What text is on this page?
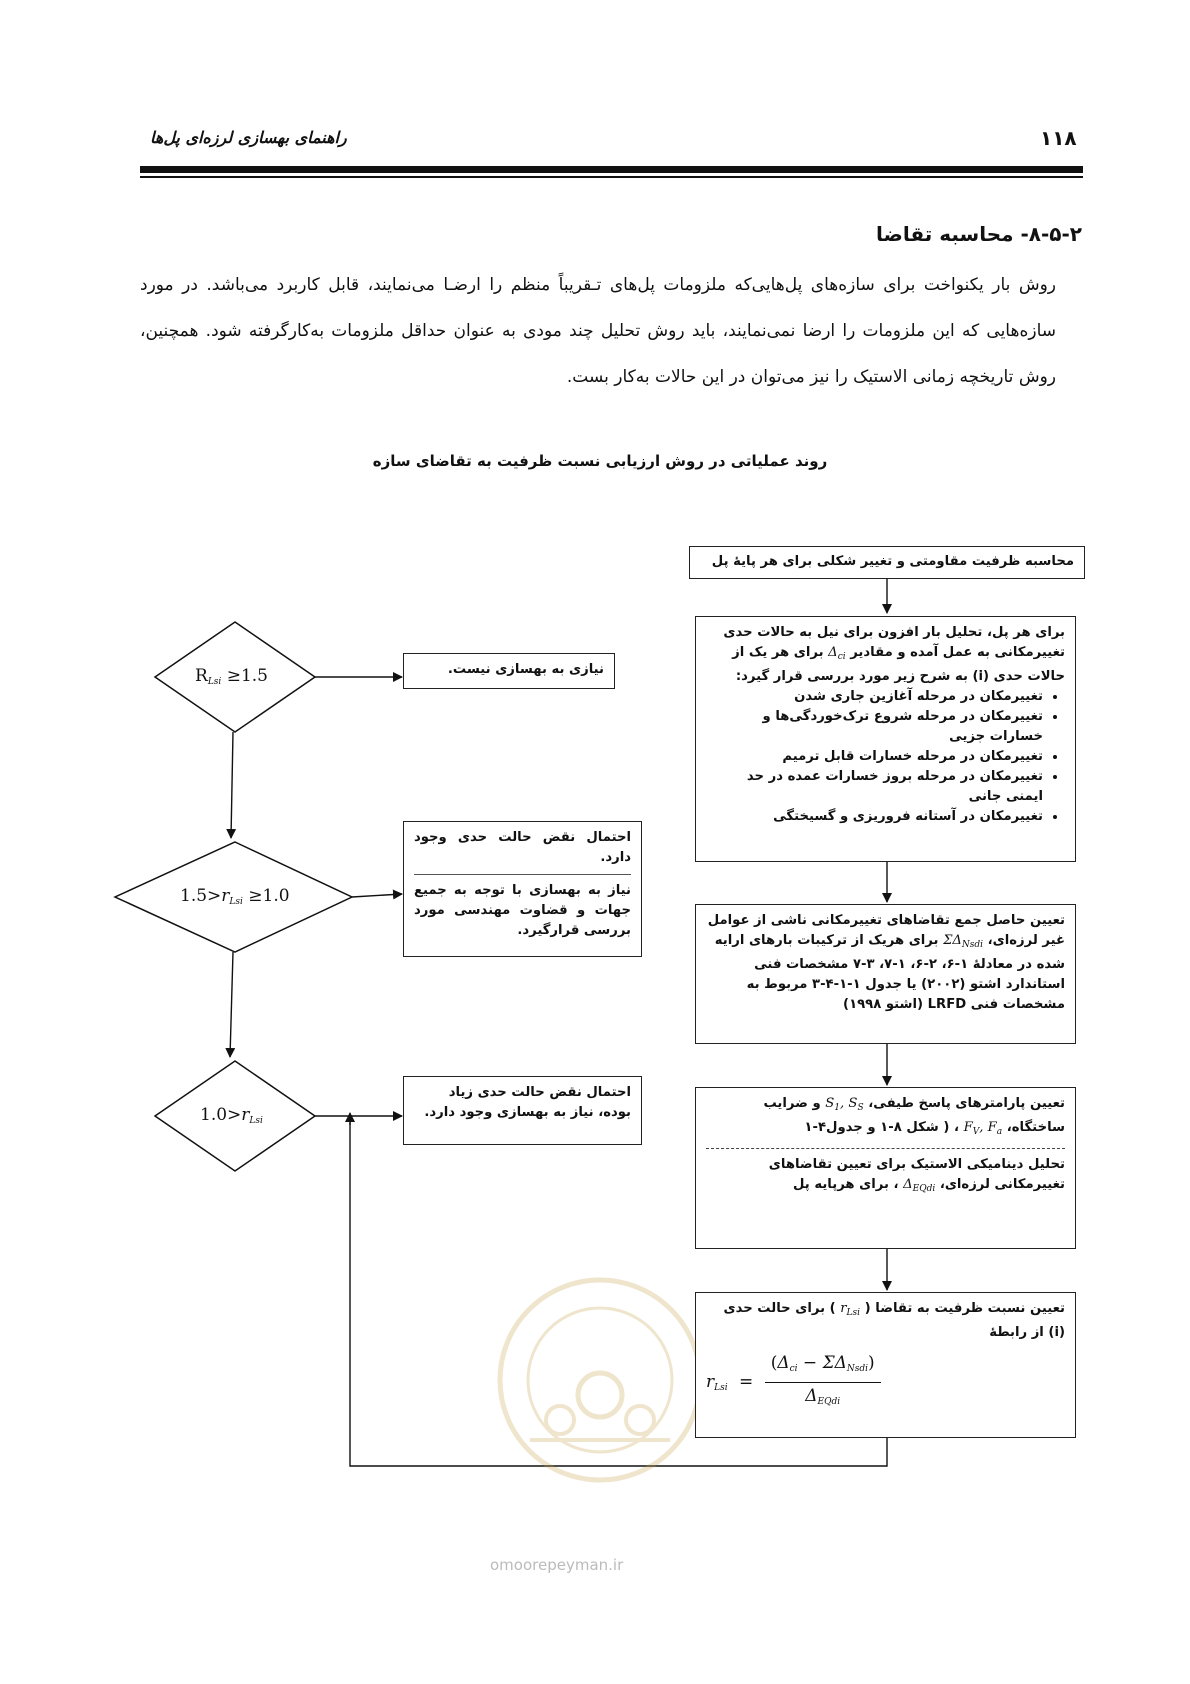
۱۱۸
راهنمای بهسازی لرزه‌ای پل‌ها
۸-۵-۲- محاسبه تقاضا

روش بار یکنواخت برای سازه‌های پل‌هایی‌که ملزومات پل‌های تـقریباً منظم را ارضـا می‌نمایند، قابل کاربرد می‌باشد. در مورد سازه‌هایی که این ملزومات را ارضا نمی‌نمایند، باید روش تحلیل چند مودی به عنوان حداقل ملزومات به‌کارگرفته شود. همچنین، روش تاریخچه زمانی الاستیک را نیز می‌توان در این حالات به‌کار بست.

روند عملیاتی در روش ارزیابی نسبت ظرفیت به تقاضای سازه
محاسبه ظرفیت مقاومتی و تغییر شکلی برای هر پایهٔ پل
برای هر پل، تحلیل بار افزون برای نیل به حالات حدی تغییرمکانی به عمل آمده و مقادیر $\Delta_{ci}$ برای هر یک از حالات حدی (i) به شرح زیر مورد بررسی قرار گیرد:
• تغییرمکان در مرحله آغازین جاری شدن
• تغییرمکان در مرحله شروع ترک‌خوردگی‌ها و خسارات جزیی
• تغییرمکان در مرحله خسارات قابل ترمیم
• تغییرمکان در مرحله بروز خسارات عمده در حد ایمنی جانی
• تغییرمکان در آستانه فروریزی و گسیختگی
تعیین حاصل جمع تقاضاهای تغییرمکانی ناشی از عوامل غیر لرزه‌ای، $\Sigma\Delta_{Nsdi}$ برای هریک از ترکیبات بارهای ارایه شده در معادلهٔ ۱-۶، ۲-۶، ۱-۷، ۳-۷ مشخصات فنی استاندارد اشتو (۲۰۰۲) یا جدول ۱-۱-۴-۳ مربوط به مشخصات فنی LRFD (اشتو ۱۹۹۸)
تعیین پارامترهای پاسخ طیفی، $S_1$, $S_S$ و ضرایب ساختگاه، $F_V$, $F_a$ ، ( شکل ۸-۱ و جدول۴-۱
تحلیل دینامیکی الاستیک برای تعیین تقاضاهای تغییرمکانی لرزه‌ای، $\Delta_{EQdi}$ ، برای هرپایه پل
تعیین نسبت ظرفیت به تقاضا ( $r_{Lsi}$ ) برای حالت حدی (i) از رابطهٔ
$r_{Lsi} = \frac{(\Delta_{ci} - \Sigma\Delta_{Nsdi})}{\Delta_{EQdi}}$
نیازی به بهسازی نیست.
احتمال نقض حالت حدی وجود دارد.
نیاز به بهسازی با توجه به جمیع جهات و قضاوت مهندسی مورد بررسی قرارگیرد.
احتمال نقض حالت حدی زیاد بوده، نیاز به بهسازی وجود دارد.
$R_{Lsi} \ge 1.5$
$1.5>r_{Lsi} \ge 1.0$
$1.0>r_{Lsi}$
omoorepeyman.ir
